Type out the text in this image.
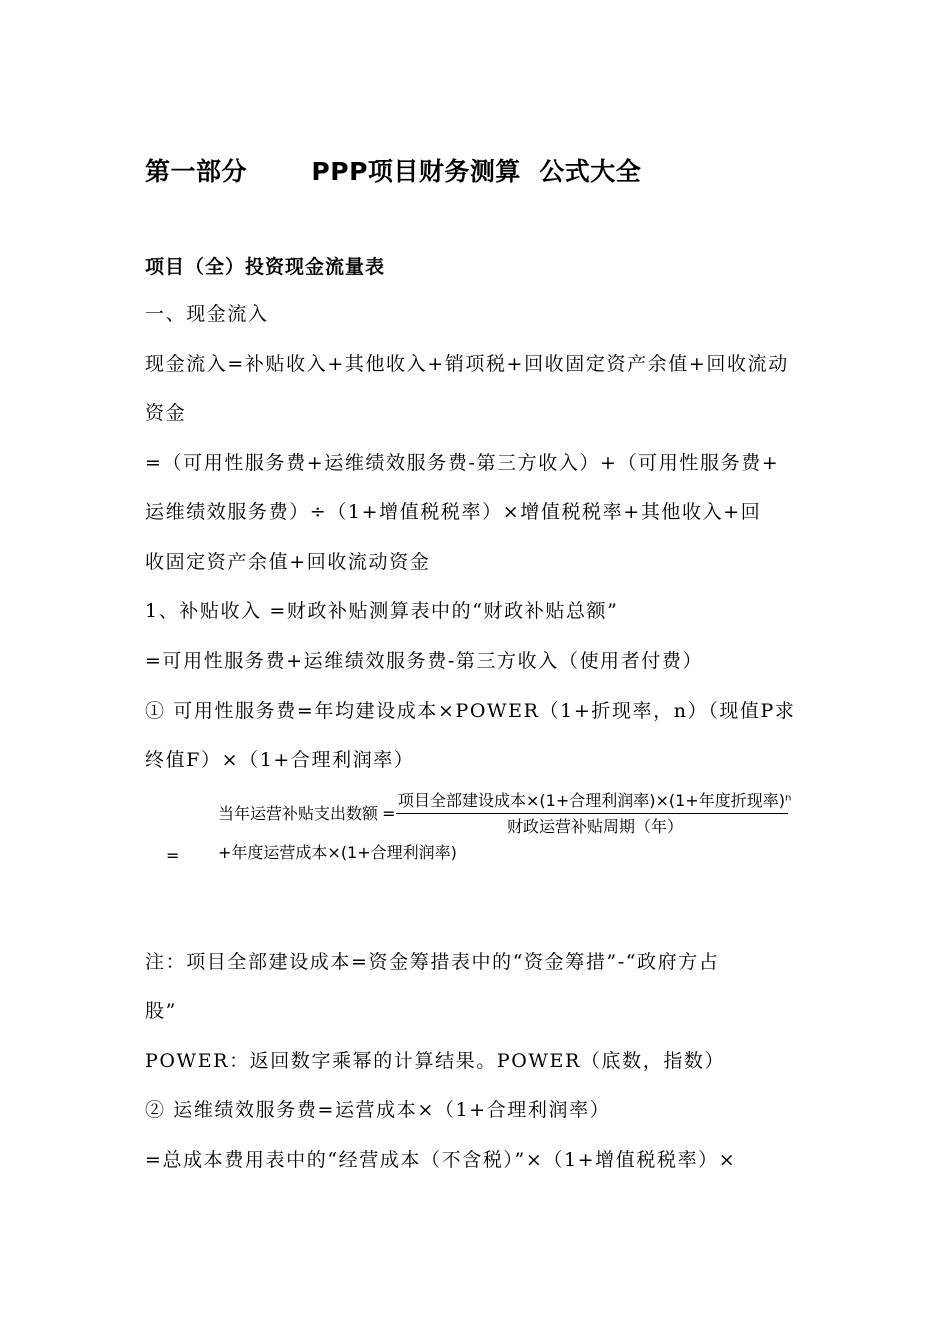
第一部分       PPP项目财务测算  公式大全
项目（全）投资现金流量表
一、现金流入
现金流入=补贴收入+其他收入+销项税+回收固定资产余值+回收流动
资金
=（可用性服务费+运维绩效服务费-第三方收入）+（可用性服务费+
运维绩效服务费）÷（1+增值税税率）×增值税税率+其他收入+回
收固定资产余值+回收流动资金
1、补贴收入 =财政补贴测算表中的“财政补贴总额”
=可用性服务费+运维绩效服务费-第三方收入（使用者付费）
① 可用性服务费=年均建设成本×POWER（1+折现率，n）（现值P求
终值F）×（1+合理利润率）
当年运营补贴支出数额 =
项目全部建设成本×(1+合理利润率)×(1+年度折现率)ⁿ
财政运营补贴周期（年）
= +年度运营成本×(1+合理利润率)
注：项目全部建设成本=资金筹措表中的“资金筹措”-“政府方占
股”
POWER：返回数字乘幂的计算结果。POWER（底数，指数）
② 运维绩效服务费=运营成本×（1+合理利润率）
=总成本费用表中的“经营成本（不含税）”×（1+增值税税率）×
